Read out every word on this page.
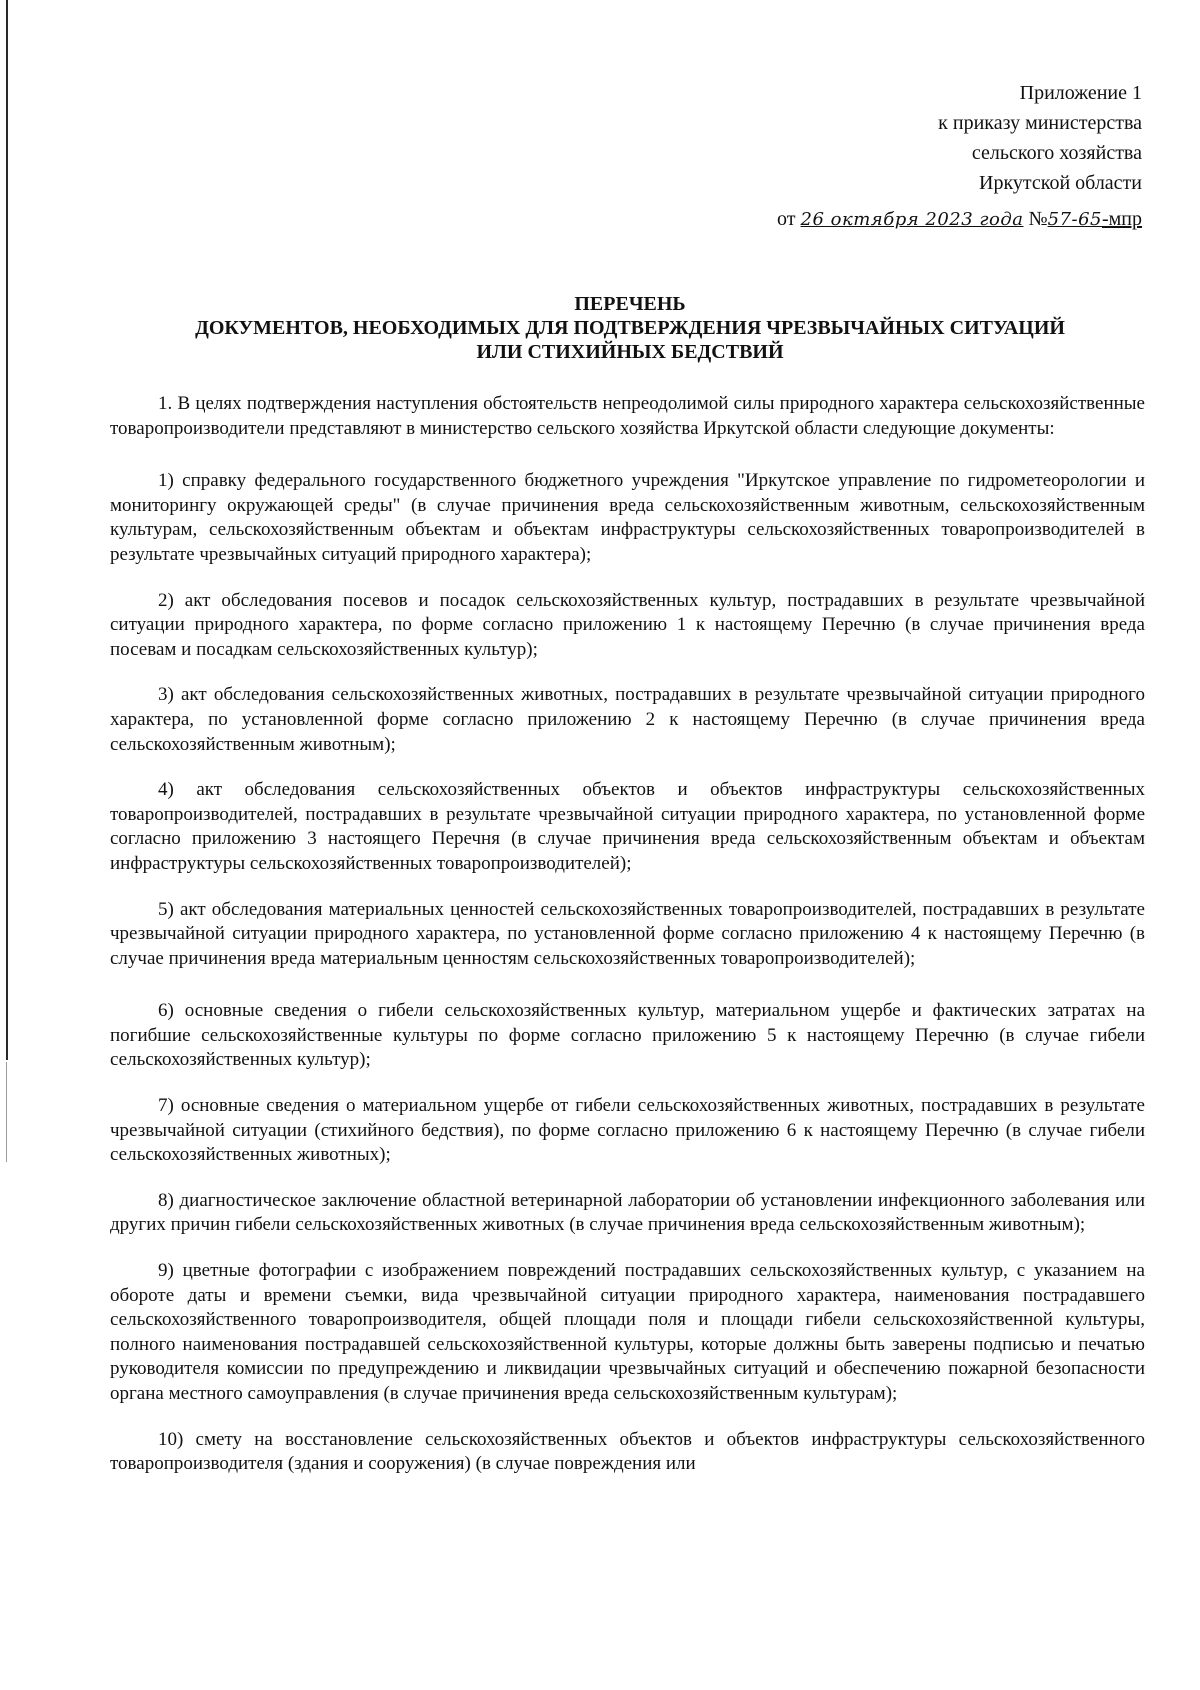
Приложение 1
к приказу министерства
сельского хозяйства
Иркутской области
от 26 октября 2023 года №57-65-мпр
ПЕРЕЧЕНЬ
ДОКУМЕНТОВ, НЕОБХОДИМЫХ ДЛЯ ПОДТВЕРЖДЕНИЯ ЧРЕЗВЫЧАЙНЫХ СИТУАЦИЙ
ИЛИ СТИХИЙНЫХ БЕДСТВИЙ

1. В целях подтверждения наступления обстоятельств непреодолимой силы природного характера сельскохозяйственные товаропроизводители представляют в министерство сельского хозяйства Иркутской области следующие документы:

1) справку федерального государственного бюджетного учреждения "Иркутское управление по гидрометеорологии и мониторингу окружающей среды" (в случае причинения вреда сельскохозяйственным животным, сельскохозяйственным культурам, сельскохозяйственным объектам и объектам инфраструктуры сельскохозяйственных товаропроизводителей в результате чрезвычайных ситуаций природного характера);

2) акт обследования посевов и посадок сельскохозяйственных культур, пострадавших в результате чрезвычайной ситуации природного характера, по форме согласно приложению 1 к настоящему Перечню (в случае причинения вреда посевам и посадкам сельскохозяйственных культур);

3) акт обследования сельскохозяйственных животных, пострадавших в результате чрезвычайной ситуации природного характера, по установленной форме согласно приложению 2 к настоящему Перечню (в случае причинения вреда сельскохозяйственным животным);

4) акт обследования сельскохозяйственных объектов и объектов инфраструктуры сельскохозяйственных товаропроизводителей, пострадавших в результате чрезвычайной ситуации природного характера, по установленной форме согласно приложению 3 настоящего Перечня (в случае причинения вреда сельскохозяйственным объектам и объектам инфраструктуры сельскохозяйственных товаропроизводителей);

5) акт обследования материальных ценностей сельскохозяйственных товаропроизводителей, пострадавших в результате чрезвычайной ситуации природного характера, по установленной форме согласно приложению 4 к настоящему Перечню (в случае причинения вреда материальным ценностям сельскохозяйственных товаропроизводителей);

6) основные сведения о гибели сельскохозяйственных культур, материальном ущербе и фактических затратах на погибшие сельскохозяйственные культуры по форме согласно приложению 5 к настоящему Перечню (в случае гибели сельскохозяйственных культур);

7) основные сведения о материальном ущербе от гибели сельскохозяйственных животных, пострадавших в результате чрезвычайной ситуации (стихийного бедствия), по форме согласно приложению 6 к настоящему Перечню (в случае гибели сельскохозяйственных животных);

8) диагностическое заключение областной ветеринарной лаборатории об установлении инфекционного заболевания или других причин гибели сельскохозяйственных животных (в случае причинения вреда сельскохозяйственным животным);

9) цветные фотографии с изображением повреждений пострадавших сельскохозяйственных культур, с указанием на обороте даты и времени съемки, вида чрезвычайной ситуации природного характера, наименования пострадавшего сельскохозяйственного товаропроизводителя, общей площади поля и площади гибели сельскохозяйственной культуры, полного наименования пострадавшей сельскохозяйственной культуры, которые должны быть заверены подписью и печатью руководителя комиссии по предупреждению и ликвидации чрезвычайных ситуаций и обеспечению пожарной безопасности органа местного самоуправления (в случае причинения вреда сельскохозяйственным культурам);

10) смету на восстановление сельскохозяйственных объектов и объектов инфраструктуры сельскохозяйственного товаропроизводителя (здания и сооружения) (в случае повреждения или
